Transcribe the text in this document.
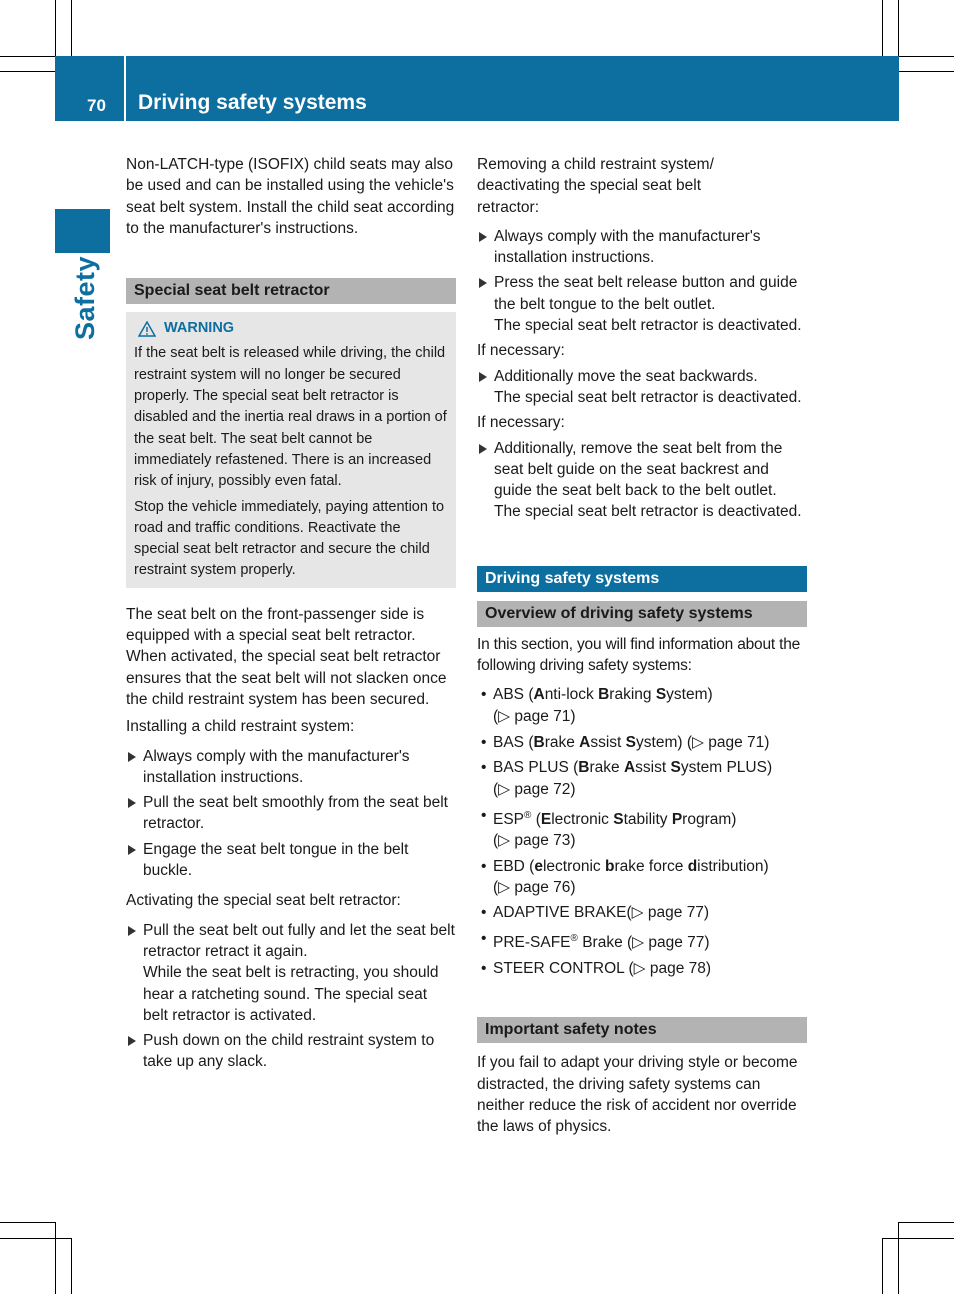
70 Driving safety systems
Safety

Non-LATCH-type (ISOFIX) child seats may also be used and can be installed using the vehicle's seat belt system. Install the child seat according to the manufacturer's instructions.

Special seat belt retractor
WARNING

If the seat belt is released while driving, the child restraint system will no longer be secured properly. The special seat belt retractor is disabled and the inertia real draws in a portion of the seat belt. The seat belt cannot be immediately refastened. There is an increased risk of injury, possibly even fatal.

Stop the vehicle immediately, paying attention to road and traffic conditions. Reactivate the special seat belt retractor and secure the child restraint system properly.

The seat belt on the front-passenger side is equipped with a special seat belt retractor. When activated, the special seat belt retractor ensures that the seat belt will not slacken once the child restraint system has been secured.

Installing a child restraint system:

Always comply with the manufacturer's installation instructions.
Pull the seat belt smoothly from the seat belt retractor.
Engage the seat belt tongue in the belt buckle.

Activating the special seat belt retractor:

Pull the seat belt out fully and let the seat belt retractor retract it again.
While the seat belt is retracting, you should hear a ratcheting sound. The special seat belt retractor is activated.
Push down on the child restraint system to take up any slack.

Removing a child restraint system/ deactivating the special seat belt retractor:

Always comply with the manufacturer's installation instructions.
Press the seat belt release button and guide the belt tongue to the belt outlet.
The special seat belt retractor is deactivated.

If necessary:

Additionally move the seat backwards.
The special seat belt retractor is deactivated.

If necessary:

Additionally, remove the seat belt from the seat belt guide on the seat backrest and guide the seat belt back to the belt outlet.
The special seat belt retractor is deactivated.
Driving safety systems
Overview of driving safety systems

In this section, you will find information about the following driving safety systems:

• ABS (Anti-lock Braking System)
(▷ page 71)
• BAS (Brake Assist System) (▷ page 71)
• BAS PLUS (Brake Assist System PLUS)
(▷ page 72)
• ESP® (Electronic Stability Program)
(▷ page 73)
• EBD (electronic brake force distribution)
(▷ page 76)
• ADAPTIVE BRAKE(▷ page 77)
• PRE-SAFE® Brake (▷ page 77)
• STEER CONTROL (▷ page 78)
Important safety notes

If you fail to adapt your driving style or become distracted, the driving safety systems can neither reduce the risk of accident nor override the laws of physics.
